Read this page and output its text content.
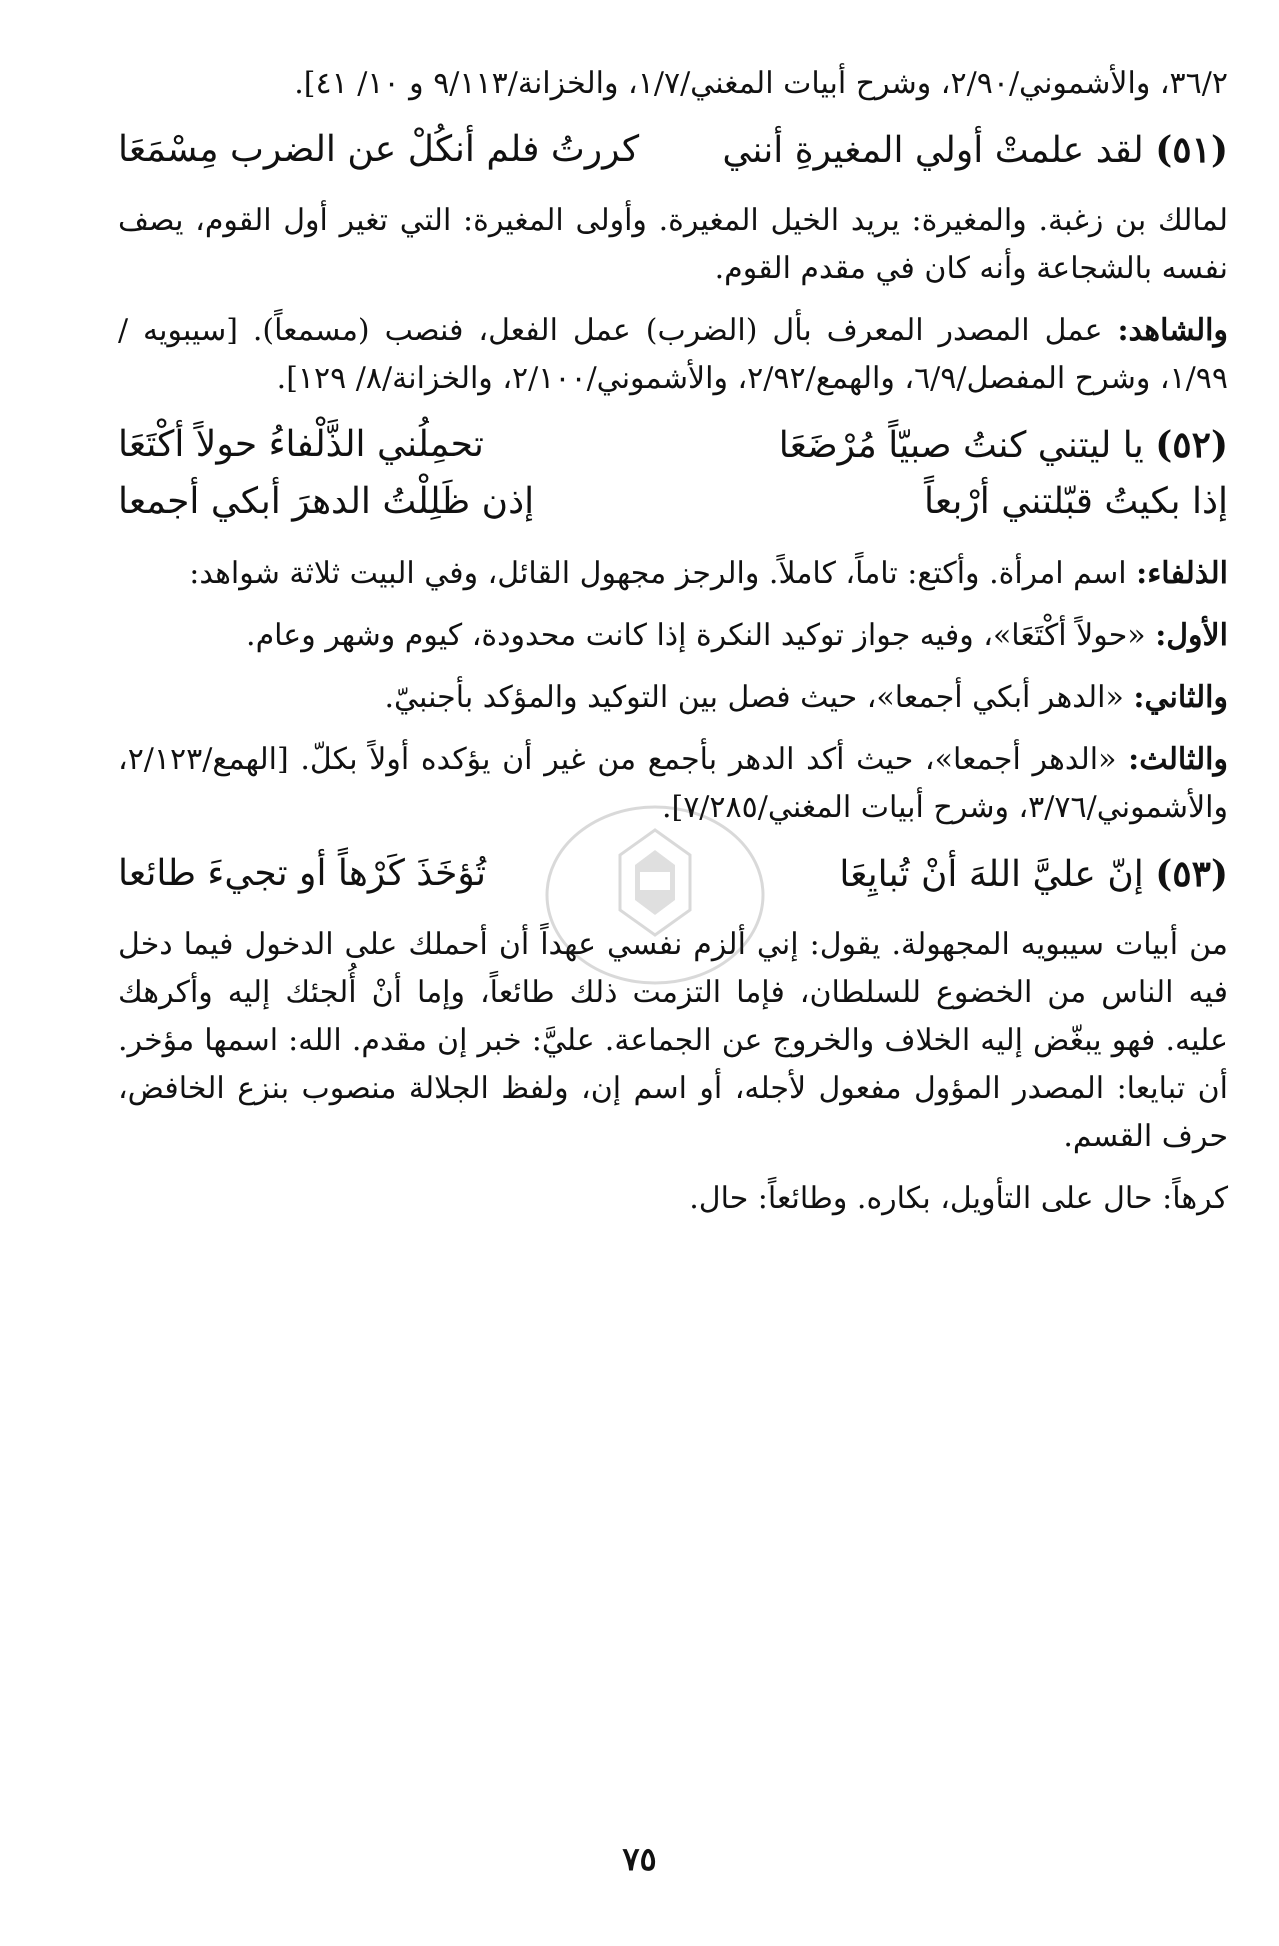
٣٦/٢، والأشموني/٢/٩٠، وشرح أبيات المغني/١/٧، والخزانة/٩/١١٣ و ١٠/ ٤١].

(٥١) لقد علمتْ أولي المغيرةِ أنني
كررتُ فلم أنكُلْ عن الضرب مِسْمَعَا

لمالك بن زغبة. والمغيرة: يريد الخيل المغيرة. وأولى المغيرة: التي تغير أول القوم، يصف نفسه بالشجاعة وأنه كان في مقدم القوم.

والشاهد: عمل المصدر المعرف بأل (الضرب) عمل الفعل، فنصب (مسمعاً). [سيبويه /١/٩٩، وشرح المفصل/٦/٩، والهمع/٢/٩٢، والأشموني/٢/١٠٠، والخزانة/٨/ ١٢٩].

(٥٢) يا ليتني كنتُ صبيّاً مُرْضَعَا
تحمِلُني الذَّلْفاءُ حولاً أكْتَعَا
إذا بكيتُ قبّلتني أرْبعاً
إذن ظَلِلْتُ الدهرَ أبكي أجمعا

الذلفاء: اسم امرأة. وأكتع: تاماً، كاملاً. والرجز مجهول القائل، وفي البيت ثلاثة شواهد:

الأول: «حولاً أكْتَعَا»، وفيه جواز توكيد النكرة إذا كانت محدودة، كيوم وشهر وعام.

والثاني: «الدهر أبكي أجمعا»، حيث فصل بين التوكيد والمؤكد بأجنبيّ.

والثالث: «الدهر أجمعا»، حيث أكد الدهر بأجمع من غير أن يؤكده أولاً بكلّ. [الهمع/٢/١٢٣، والأشموني/٣/٧٦، وشرح أبيات المغني/٧/٢٨٥].

(٥٣) إنّ عليَّ اللهَ أنْ تُبايِعَا
تُؤخَذَ كَرْهاً أو تجيءَ طائعا

من أبيات سيبويه المجهولة. يقول: إني ألزم نفسي عهداً أن أحملك على الدخول فيما دخل فيه الناس من الخضوع للسلطان، فإما التزمت ذلك طائعاً، وإما أنْ أُلجئك إليه وأكرهك عليه. فهو يبغّض إليه الخلاف والخروج عن الجماعة. عليَّ: خبر إن مقدم. الله: اسمها مؤخر. أن تبايعا: المصدر المؤول مفعول لأجله، أو اسم إن، ولفظ الجلالة منصوب بنزع الخافض، حرف القسم.

كرهاً: حال على التأويل، بكاره. وطائعاً: حال.

٧٥
